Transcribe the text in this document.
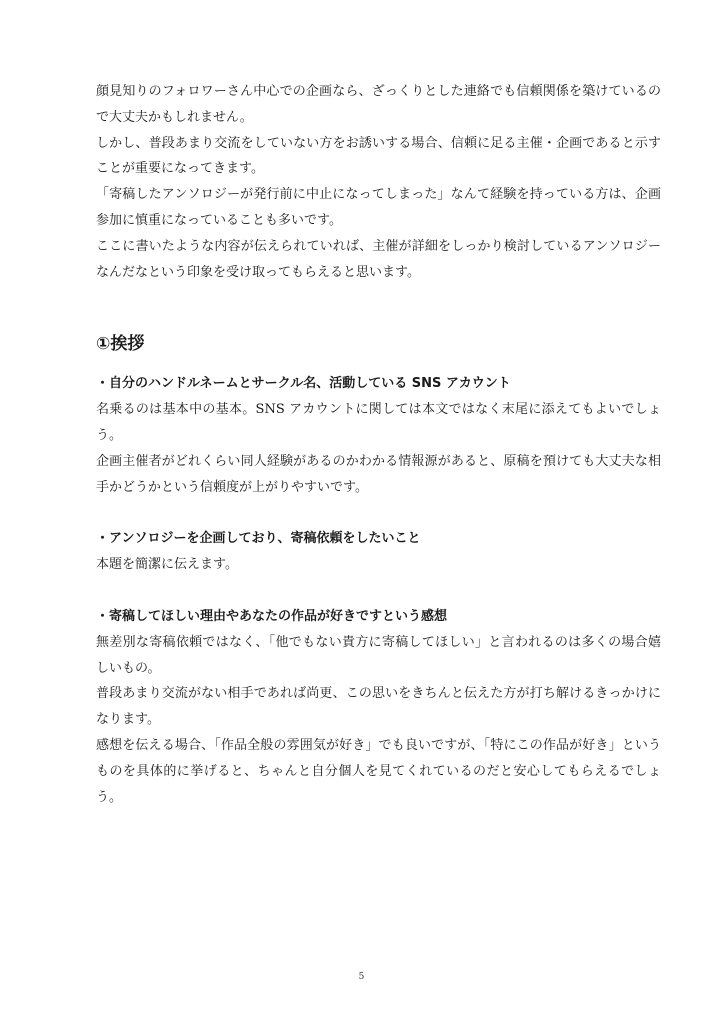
顔見知りのフォロワーさん中心での企画なら、ざっくりとした連絡でも信頼関係を築けているので大丈夫かもしれません。

しかし、普段あまり交流をしていない方をお誘いする場合、信頼に足る主催・企画であると示すことが重要になってきます。

「寄稿したアンソロジーが発行前に中止になってしまった」なんて経験を持っている方は、企画参加に慎重になっていることも多いです。

ここに書いたような内容が伝えられていれば、主催が詳細をしっかり検討しているアンソロジーなんだなという印象を受け取ってもらえると思います。

①挨拶

・自分のハンドルネームとサークル名、活動している SNS アカウント

名乗るのは基本中の基本。SNS アカウントに関しては本文ではなく末尾に添えてもよいでしょう。

企画主催者がどれくらい同人経験があるのかわかる情報源があると、原稿を預けても大丈夫な相手かどうかという信頼度が上がりやすいです。

・アンソロジーを企画しており、寄稿依頼をしたいこと

本題を簡潔に伝えます。

・寄稿してほしい理由やあなたの作品が好きですという感想

無差別な寄稿依頼ではなく、「他でもない貴方に寄稿してほしい」と言われるのは多くの場合嬉しいもの。

普段あまり交流がない相手であれば尚更、この思いをきちんと伝えた方が打ち解けるきっかけになります。

感想を伝える場合、「作品全般の雰囲気が好き」でも良いですが、「特にこの作品が好き」というものを具体的に挙げると、ちゃんと自分個人を見てくれているのだと安心してもらえるでしょう。

5
